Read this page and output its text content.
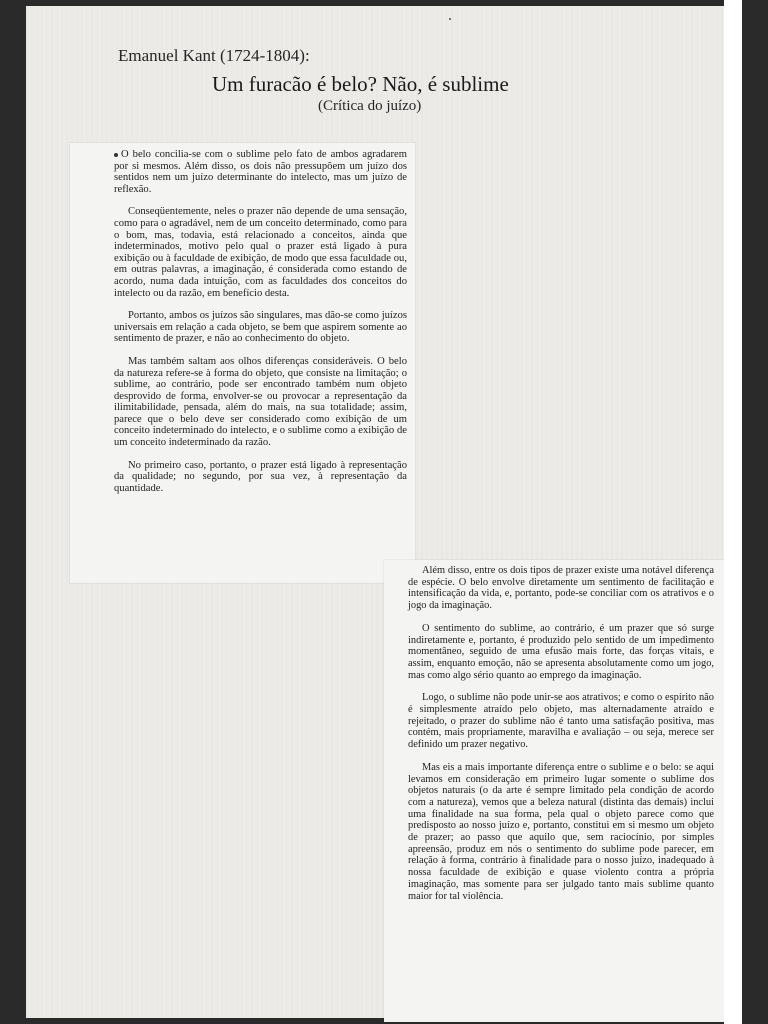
Emanuel Kant (1724-1804):
Um furacão é belo? Não, é sublime
(Crítica do juízo)

O belo concilia-se com o sublime pelo fato de ambos agradarem por si mesmos. Além disso, os dois não pressupõem um juízo dos sentidos nem um juízo determinante do intelecto, mas um juízo de reflexão.

Conseqüentemente, neles o prazer não depende de uma sensação, como para o agradável, nem de um conceito determinado, como para o bom, mas, todavia, está relacionado a conceitos, ainda que indeterminados, motivo pelo qual o prazer está ligado à pura exibição ou à faculdade de exibição, de modo que essa faculdade ou, em outras palavras, a imaginação, é considerada como estando de acordo, numa dada intuição, com as faculdades dos conceitos do intelecto ou da razão, em benefício desta.

Portanto, ambos os juízos são singulares, mas dão-se como juízos universais em relação a cada objeto, se bem que aspirem somente ao sentimento de prazer, e não ao conhecimento do objeto.

Mas também saltam aos olhos diferenças consideráveis. O belo da natureza refere-se à forma do objeto, que consiste na limitação; o sublime, ao contrário, pode ser encontrado também num objeto desprovido de forma, envolver-se ou provocar a representação da ilimitabilidade, pensada, além do mais, na sua totalidade; assim, parece que o belo deve ser considerado como exibição de um conceito indeterminado do intelecto, e o sublime como a exibição de um conceito indeterminado da razão.

No primeiro caso, portanto, o prazer está ligado à representação da qualidade; no segundo, por sua vez, à representação da quantidade.

Além disso, entre os dois tipos de prazer existe uma notável diferença de espécie. O belo envolve diretamente um sentimento de facilitação e intensificação da vida, e, portanto, pode-se conciliar com os atrativos e o jogo da imaginação.

O sentimento do sublime, ao contrário, é um prazer que só surge indiretamente e, portanto, é produzido pelo sentido de um impedimento momentâneo, seguido de uma efusão mais forte, das forças vitais, e assim, enquanto emoção, não se apresenta absolutamente como um jogo, mas como algo sério quanto ao emprego da imaginação.

Logo, o sublime não pode unir-se aos atrativos; e como o espírito não é simplesmente atraído pelo objeto, mas alternadamente atraído e rejeitado, o prazer do sublime não é tanto uma satisfação positiva, mas contém, mais propriamente, maravilha e avaliação – ou seja, merece ser definido um prazer negativo.

Mas eis a mais importante diferença entre o sublime e o belo: se aqui levamos em consideração em primeiro lugar somente o sublime dos objetos naturais (o da arte é sempre limitado pela condição de acordo com a natureza), vemos que a beleza natural (distinta das demais) inclui uma finalidade na sua forma, pela qual o objeto parece como que predisposto ao nosso juízo e, portanto, constitui em si mesmo um objeto de prazer; ao passo que aquilo que, sem raciocínio, por simples apreensão, produz em nós o sentimento do sublime pode parecer, em relação à forma, contrário à finalidade para o nosso juízo, inadequado à nossa faculdade de exibição e quase violento contra a própria imaginação, mas somente para ser julgado tanto mais sublime quanto maior for tal violência.
